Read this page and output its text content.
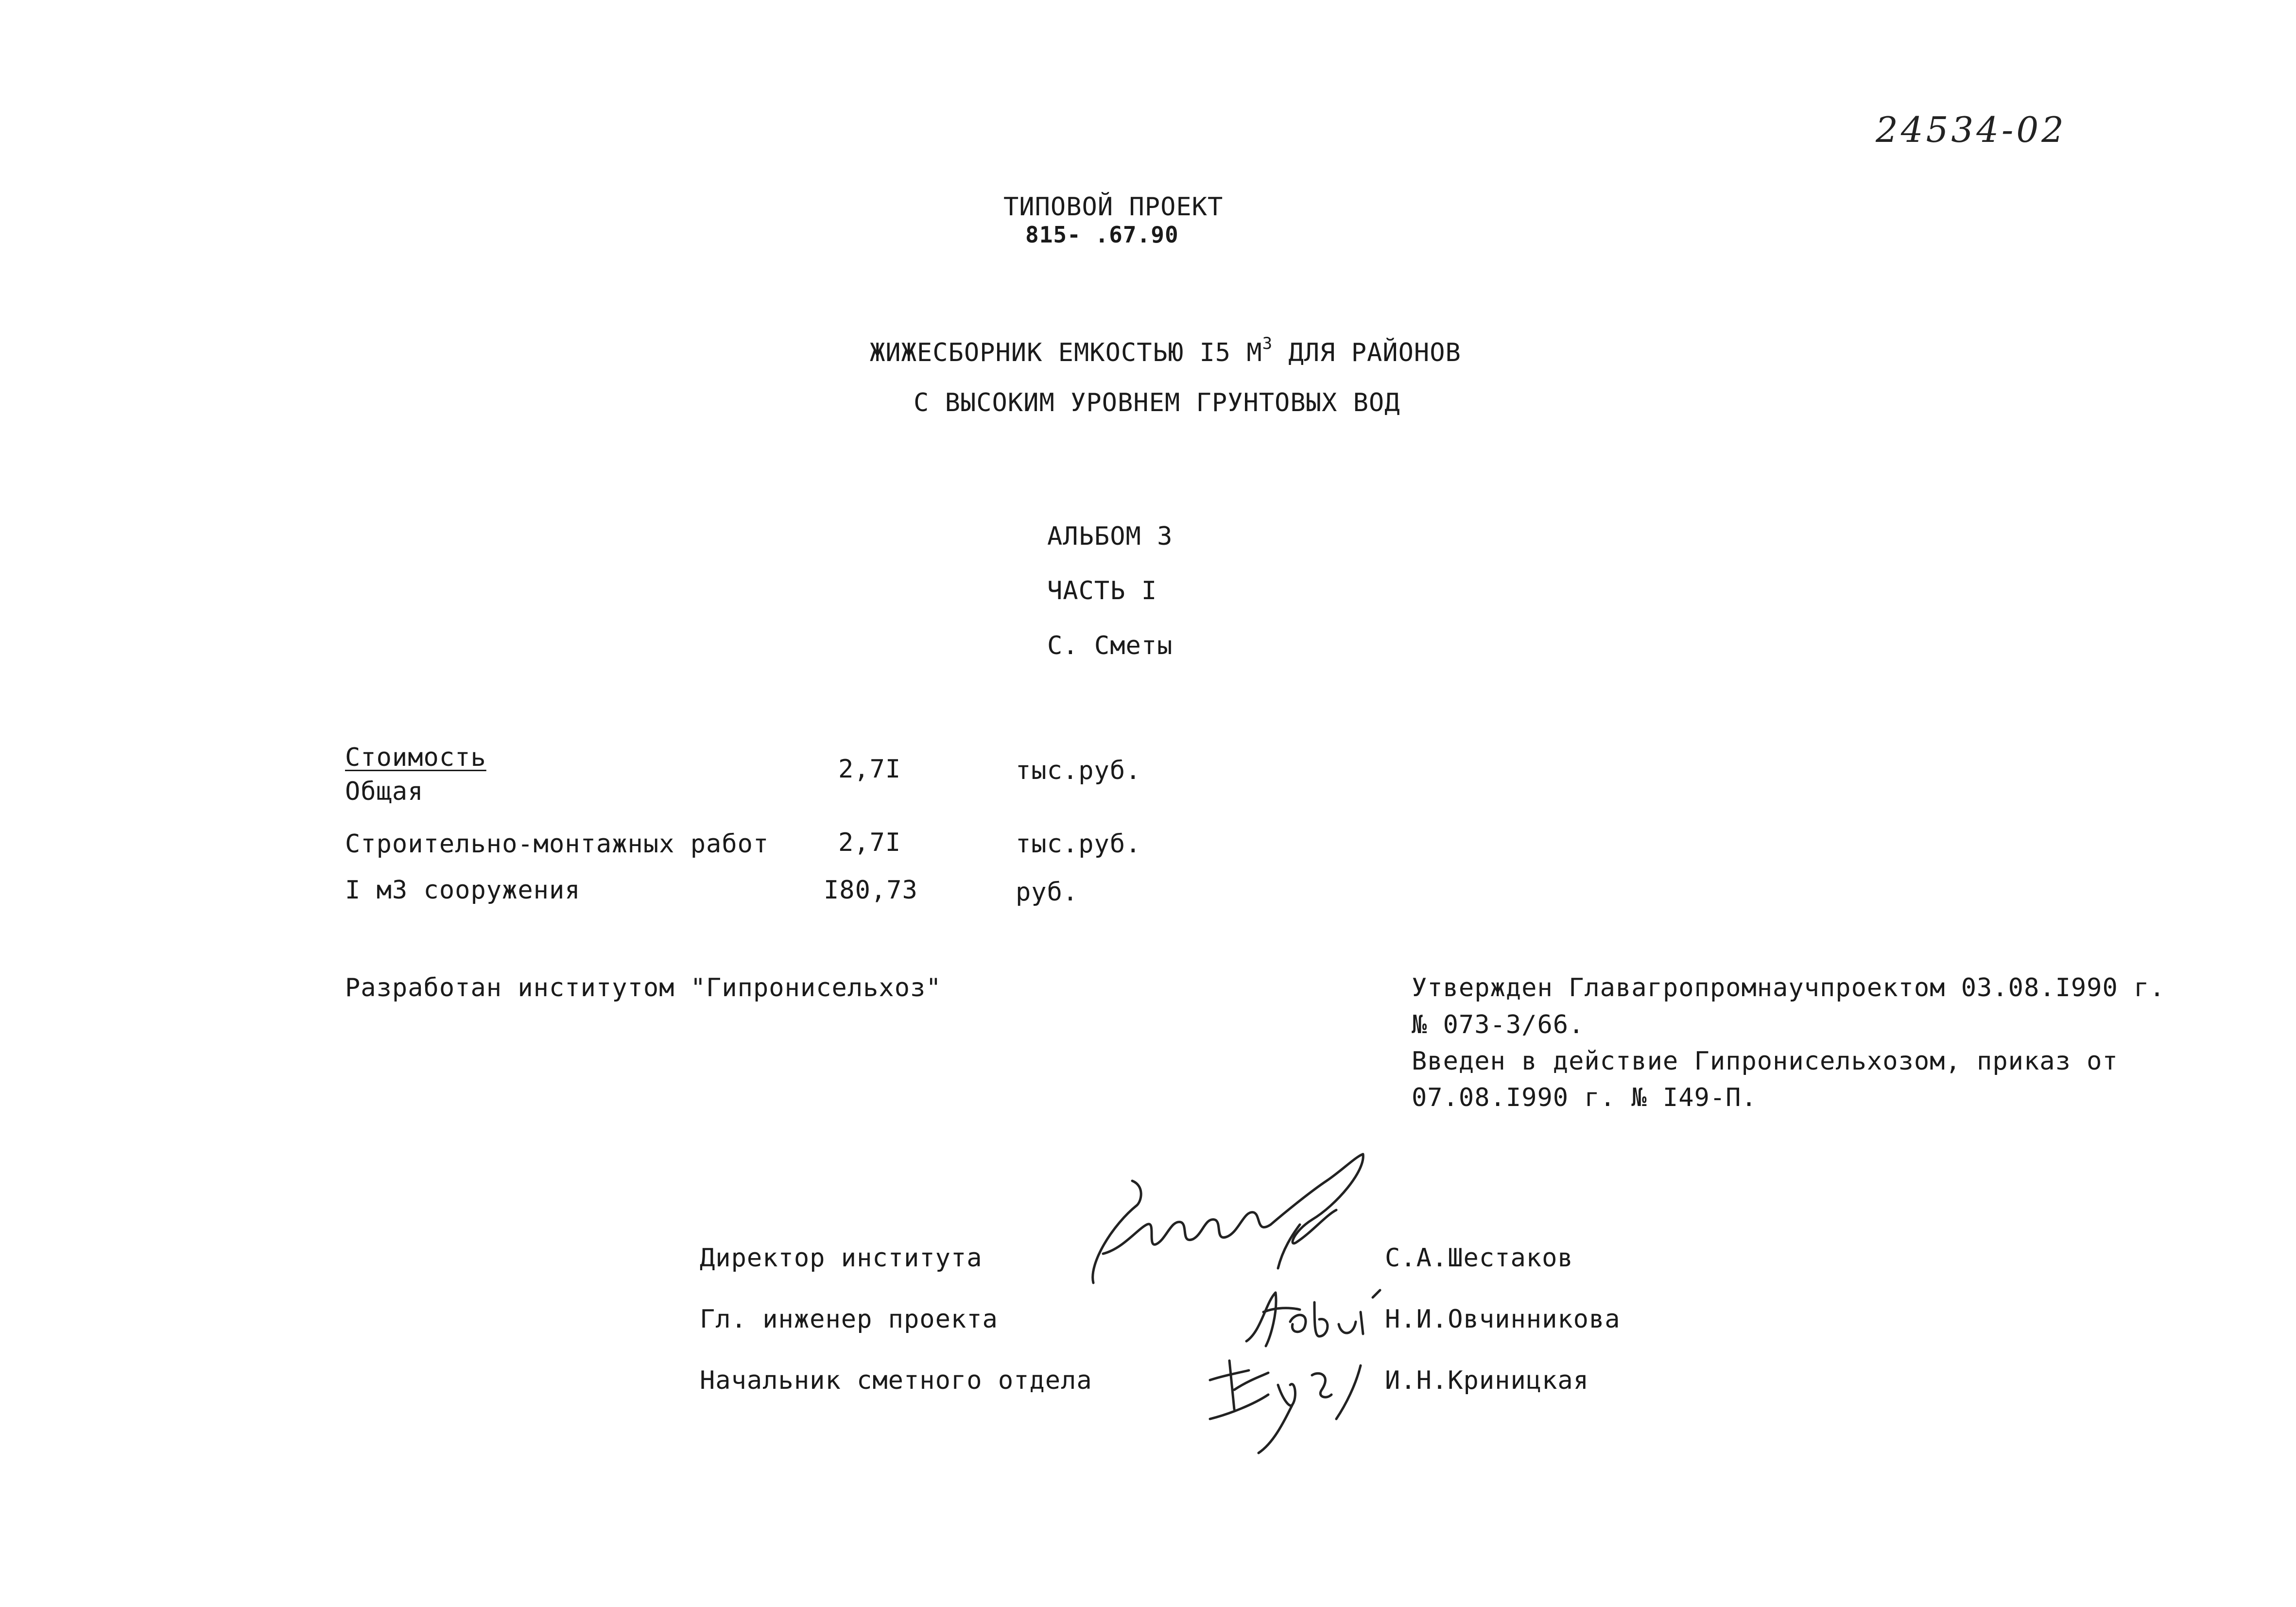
24534-02
ТИПОВОЙ ПРОЕКТ
815- .67.90
ЖИЖЕСБОРНИК ЕМКОСТЬЮ I5 $М^3$ ДЛЯ РАЙОНОВ
С ВЫСОКИМ УРОВНЕМ ГРУНТОВЫХ ВОД
АЛЬБОМ 3
ЧАСТЬ I
С. Сметы
Стоимость
Общая
2,7I	тыс.руб.
Строительно-монтажных работ	2,7I	тыс.руб.
I м3 сооружения	I80,73	руб.
Разработан институтом "Гипронисельхоз"	Утвержден Главагропромнаучпроектом 03.08.I990 г.
№ 073-3/66.
Введен в действие Гипронисельхозом, приказ от
07.08.I990 г. № I49-П.
Директор института	С.А.Шестаков
Гл. инженер проекта	Н.И.Овчинникова
Начальник сметного отдела	И.Н.Криницкая
